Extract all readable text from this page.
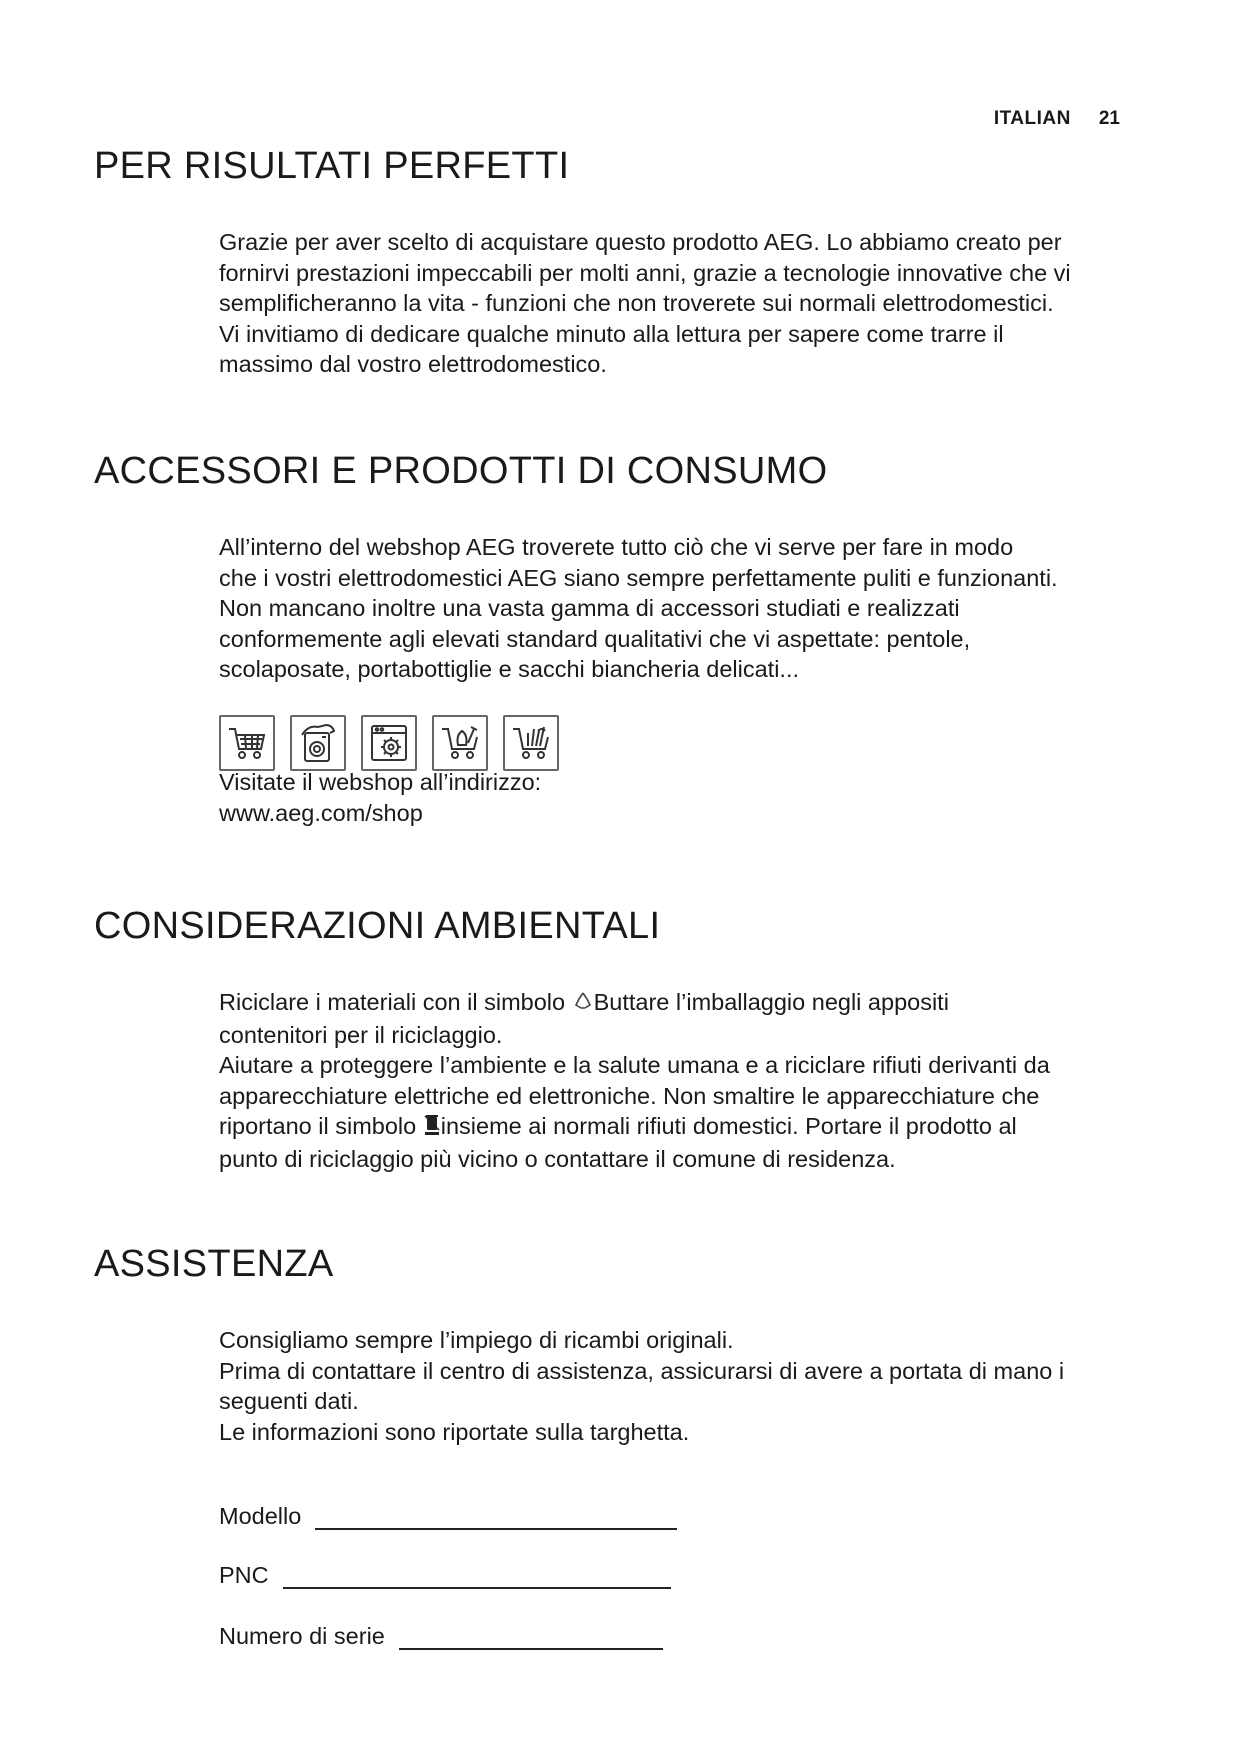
ITALIAN 21
PER RISULTATI PERFETTI

Grazie per aver scelto di acquistare questo prodotto AEG. Lo abbiamo creato per

fornirvi prestazioni impeccabili per molti anni, grazie a tecnologie innovative che vi

semplificheranno la vita - funzioni che non troverete sui normali elettrodomestici.

Vi invitiamo di dedicare qualche minuto alla lettura per sapere come trarre il

massimo dal vostro elettrodomestico.

ACCESSORI E PRODOTTI DI CONSUMO

All’interno del webshop AEG troverete tutto ciò che vi serve per fare in modo

che i vostri elettrodomestici AEG siano sempre perfettamente puliti e funzionanti.

Non mancano inoltre una vasta gamma di accessori studiati e realizzati

conformemente agli elevati standard qualitativi che vi aspettate: pentole,

scolaposate, portabottiglie e sacchi biancheria delicati...

Visitate il webshop all’indirizzo:

www.aeg.com/shop

CONSIDERAZIONI AMBIENTALI

Riciclare i materiali con il simbolo Buttare l’imballaggio negli appositi

contenitori per il riciclaggio.

Aiutare a proteggere l’ambiente e la salute umana e a riciclare rifiuti derivanti da

apparecchiature elettriche ed elettroniche. Non smaltire le apparecchiature che

riportano il simbolo insieme ai normali rifiuti domestici. Portare il prodotto al

punto di riciclaggio più vicino o contattare il comune di residenza.

ASSISTENZA

Consigliamo sempre l’impiego di ricambi originali.

Prima di contattare il centro di assistenza, assicurarsi di avere a portata di mano i

seguenti dati.

Le informazioni sono riportate sulla targhetta.

Modello
PNC
Numero di serie
